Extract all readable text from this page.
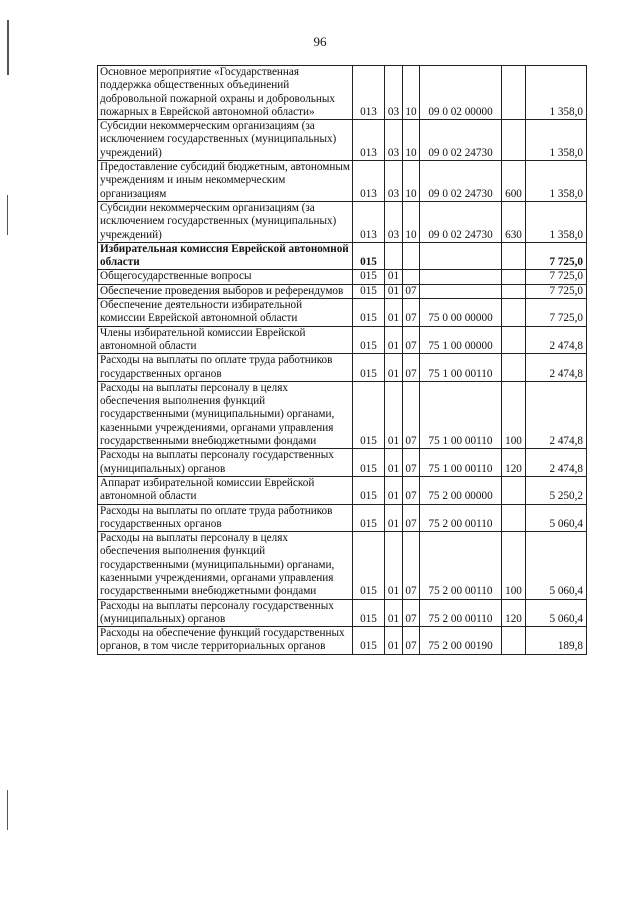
96
Основное мероприятие «Государственная поддержка общественных объединений добровольной пожарной охраны и добровольных пожарных в Еврейской автономной области»	013	03	10	09 0 02 00000		1 358,0
Субсидии некоммерческим организациям (за исключением государственных (муниципальных) учреждений)	013	03	10	09 0 02 24730		1 358,0
Предоставление субсидий бюджетным, автономным учреждениям и иным некоммерческим организациям	013	03	10	09 0 02 24730	600	1 358,0
Субсидии некоммерческим организациям (за исключением государственных (муниципальных) учреждений)	013	03	10	09 0 02 24730	630	1 358,0
Избирательная комиссия Еврейской автономной области	015					7 725,0
Общегосударственные вопросы	015	01				7 725,0
Обеспечение проведения выборов и референдумов	015	01	07			7 725,0
Обеспечение деятельности избирательной комиссии Еврейской автономной области	015	01	07	75 0 00 00000		7 725,0
Члены избирательной комиссии Еврейской автономной области	015	01	07	75 1 00 00000		2 474,8
Расходы на выплаты по оплате труда работников государственных органов	015	01	07	75 1 00 00110		2 474,8
Расходы на выплаты персоналу в целях обеспечения выполнения функций государственными (муниципальными) органами, казенными учреждениями, органами управления государственными внебюджетными фондами	015	01	07	75 1 00 00110	100	2 474,8
Расходы на выплаты персоналу государственных (муниципальных) органов	015	01	07	75 1 00 00110	120	2 474,8
Аппарат избирательной комиссии Еврейской автономной области	015	01	07	75 2 00 00000		5 250,2
Расходы на выплаты по оплате труда работников государственных органов	015	01	07	75 2 00 00110		5 060,4
Расходы на выплаты персоналу в целях обеспечения выполнения функций государственными (муниципальными) органами, казенными учреждениями, органами управления государственными внебюджетными фондами	015	01	07	75 2 00 00110	100	5 060,4
Расходы на выплаты персоналу государственных (муниципальных) органов	015	01	07	75 2 00 00110	120	5 060,4
Расходы на обеспечение функций государственных органов, в том числе территориальных органов	015	01	07	75 2 00 00190		189,8
